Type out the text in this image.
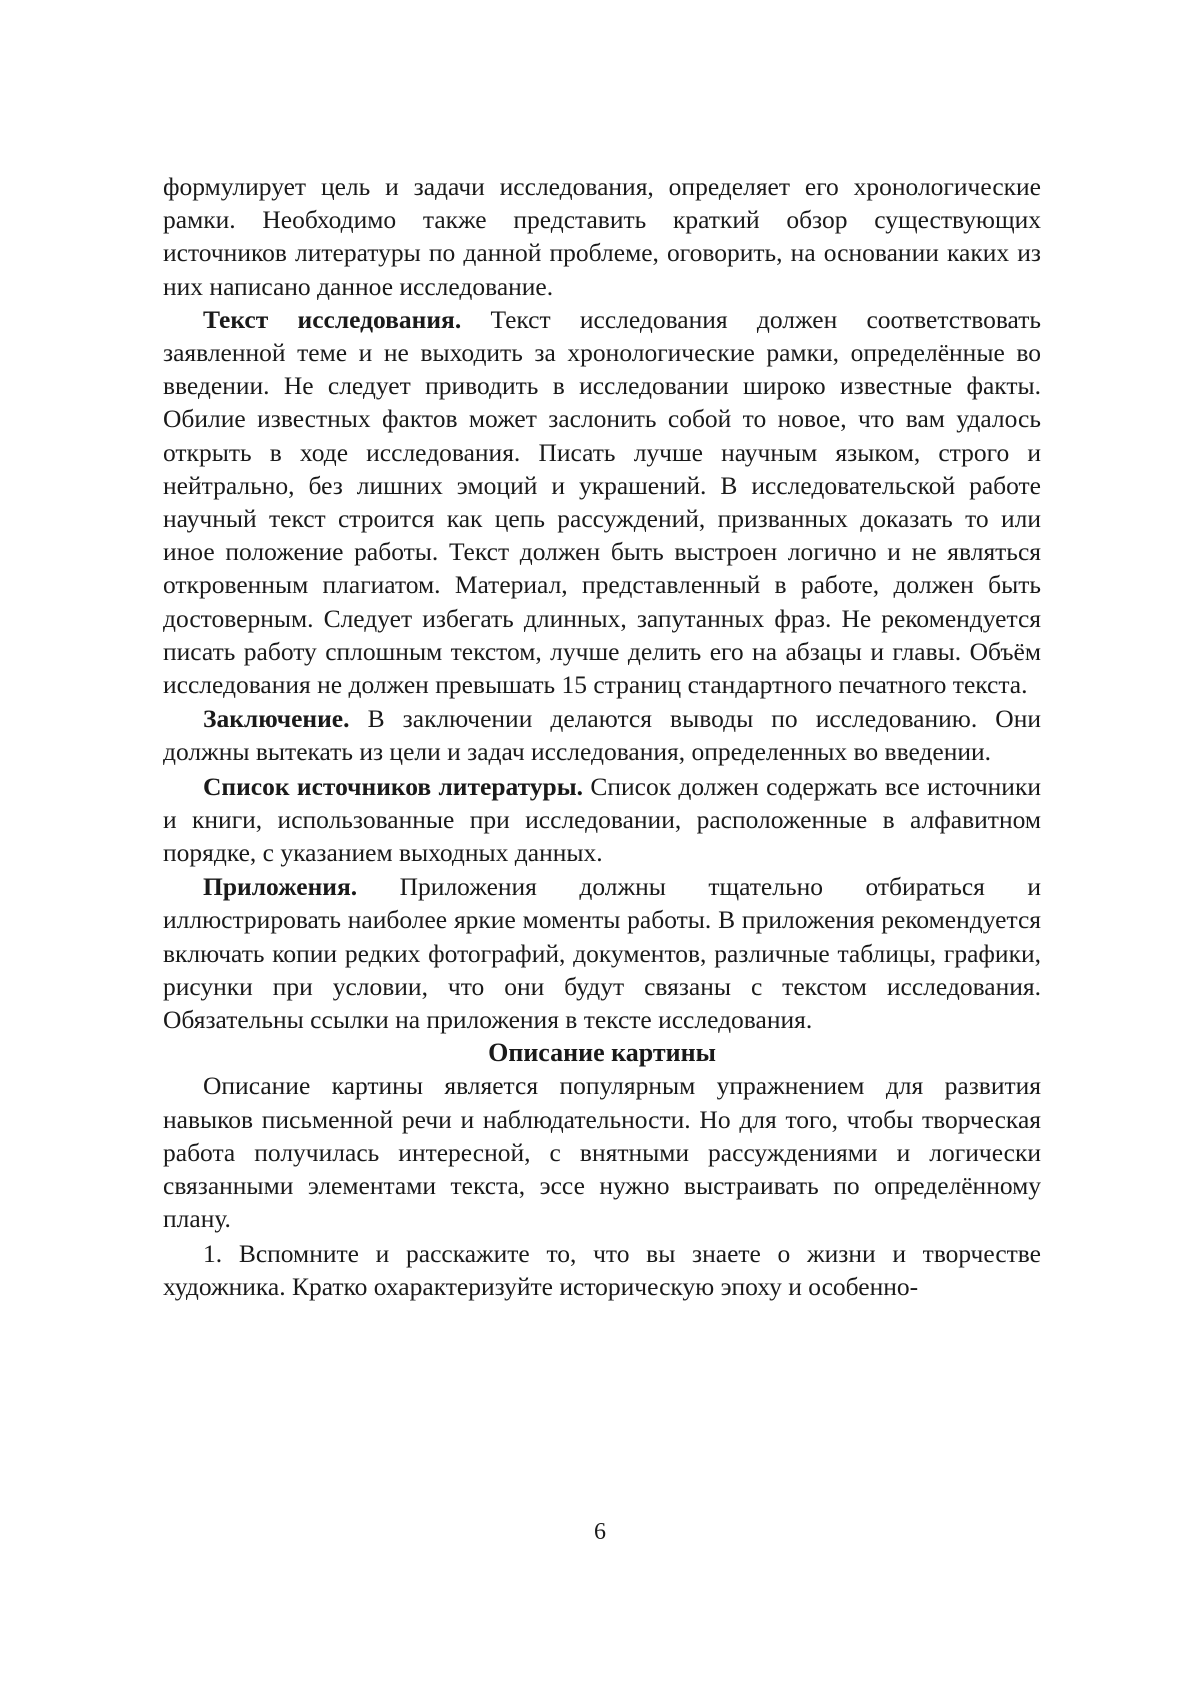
формулирует цель и задачи исследования, определяет его хронологические рамки. Необходимо также представить краткий обзор существующих источников литературы по данной проблеме, оговорить, на основании каких из них написано данное исследование.

Текст исследования. Текст исследования должен соответствовать заявленной теме и не выходить за хронологические рамки, определённые во введении. Не следует приводить в исследовании широко известные факты. Обилие известных фактов может заслонить собой то новое, что вам удалось открыть в ходе исследования. Писать лучше научным языком, строго и нейтрально, без лишних эмоций и украшений. В исследовательской работе научный текст строится как цепь рассуждений, призванных доказать то или иное положение работы. Текст должен быть выстроен логично и не являться откровенным плагиатом. Материал, представленный в работе, должен быть достоверным. Следует избегать длинных, запутанных фраз. Не рекомендуется писать работу сплошным текстом, лучше делить его на абзацы и главы. Объём исследования не должен превышать 15 страниц стандартного печатного текста.

Заключение. В заключении делаются выводы по исследованию. Они должны вытекать из цели и задач исследования, определенных во введении.

Список источников литературы. Список должен содержать все источники и книги, использованные при исследовании, расположенные в алфавитном порядке, с указанием выходных данных.

Приложения. Приложения должны тщательно отбираться и иллюстрировать наиболее яркие моменты работы. В приложения рекомендуется включать копии редких фотографий, документов, различные таблицы, графики, рисунки при условии, что они будут связаны с текстом исследования. Обязательны ссылки на приложения в тексте исследования.

Описание картины

Описание картины является популярным упражнением для развития навыков письменной речи и наблюдательности. Но для того, чтобы творческая работа получилась интересной, с внятными рассуждениями и логически связанными элементами текста, эссе нужно выстраивать по определённому плану.

1. Вспомните и расскажите то, что вы знаете о жизни и творчестве художника. Кратко охарактеризуйте историческую эпоху и особенно-

6
